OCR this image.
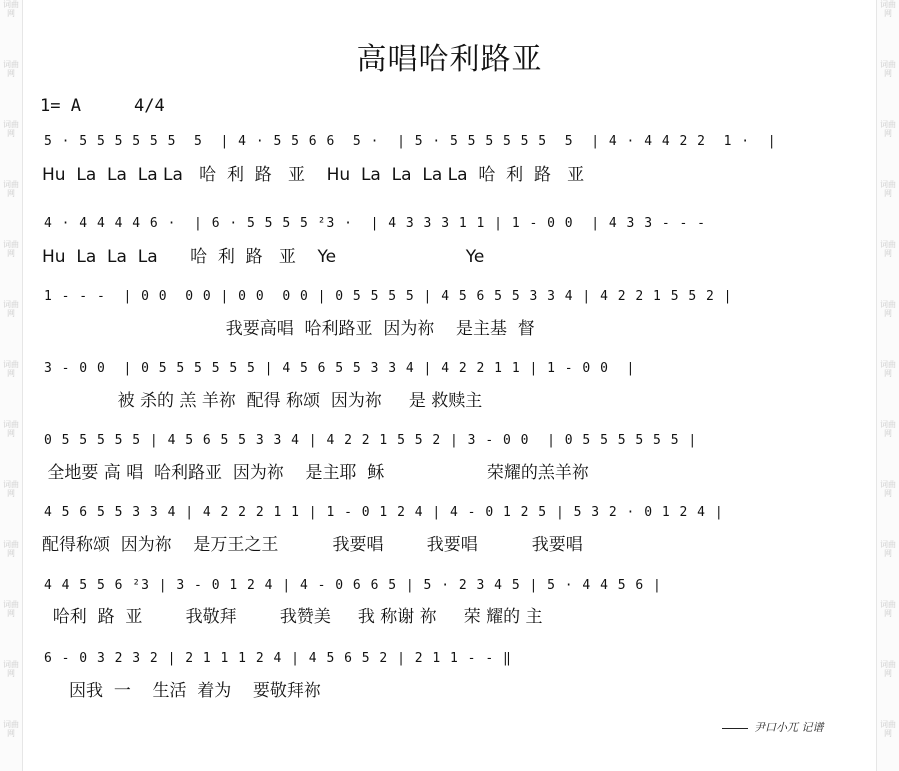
词曲网
词曲网
词曲网
词曲网
词曲网
词曲网
词曲网
词曲网
词曲网
词曲网
词曲网
词曲网
词曲网
词曲网
词曲网
词曲网
词曲网
词曲网
词曲网
词曲网
词曲网
词曲网
词曲网
词曲网
词曲网
词曲网
高唱哈利路亚
1= A	4/4
5 · 5 5 5 5 5 5  5  | 4 · 5 5 6 6  5 ·  | 5 · 5 5 5 5 5 5  5  | 4 · 4 4 2 2  1 ·  |
Hu  La  La  La La   哈  利  路   亚    Hu  La  La  La La  哈  利  路   亚
4 · 4 4 4 4 6 ·  | 6 · 5 5 5 5 ²3 ·  | 4 3 3 3 1 1 | 1 - 0 0  | 4 3 3 - - -
Hu  La  La  La      哈  利  路   亚    Ye                        Ye
1 - - -  | 0 0  0 0 | 0 0  0 0 | 0 5 5 5 5 | 4 5 6 5 5 3 3 4 | 4 2 2 1 5 5 2 |
我要高唱  哈利路亚  因为祢    是主基  督
3 - 0 0  | 0 5 5 5 5 5 5 | 4 5 6 5 5 3 3 4 | 4 2 2 1 1 | 1 - 0 0  |
被 杀的 羔 羊祢  配得 称颂  因为祢     是 救赎主
0 5 5 5 5 5 | 4 5 6 5 5 3 3 4 | 4 2 2 1 5 5 2 | 3 - 0 0  | 0 5 5 5 5 5 5 |
全地要 高 唱  哈利路亚  因为祢    是主耶  稣                   荣耀的羔羊祢
4 5 6 5 5 3 3 4 | 4 2 2 2 1 1 | 1 - 0 1 2 4 | 4 - 0 1 2 5 | 5 3 2 · 0 1 2 4 |
配得称颂  因为祢    是万王之王          我要唱        我要唱          我要唱
4 4 5 5 6 ²3 | 3 - 0 1 2 4 | 4 - 0 6 6 5 | 5 · 2 3 4 5 | 5 · 4 4 5 6 |
哈利  路  亚        我敬拜        我赞美     我 称谢 祢     荣 耀的 主
6 - 0 3 2 3 2 | 2 1 1 1 2 4 | 4 5 6 5 2 | 2 1 1 - - ‖
因我  一    生活  着为    要敬拜祢
尹口小兀 记谱
